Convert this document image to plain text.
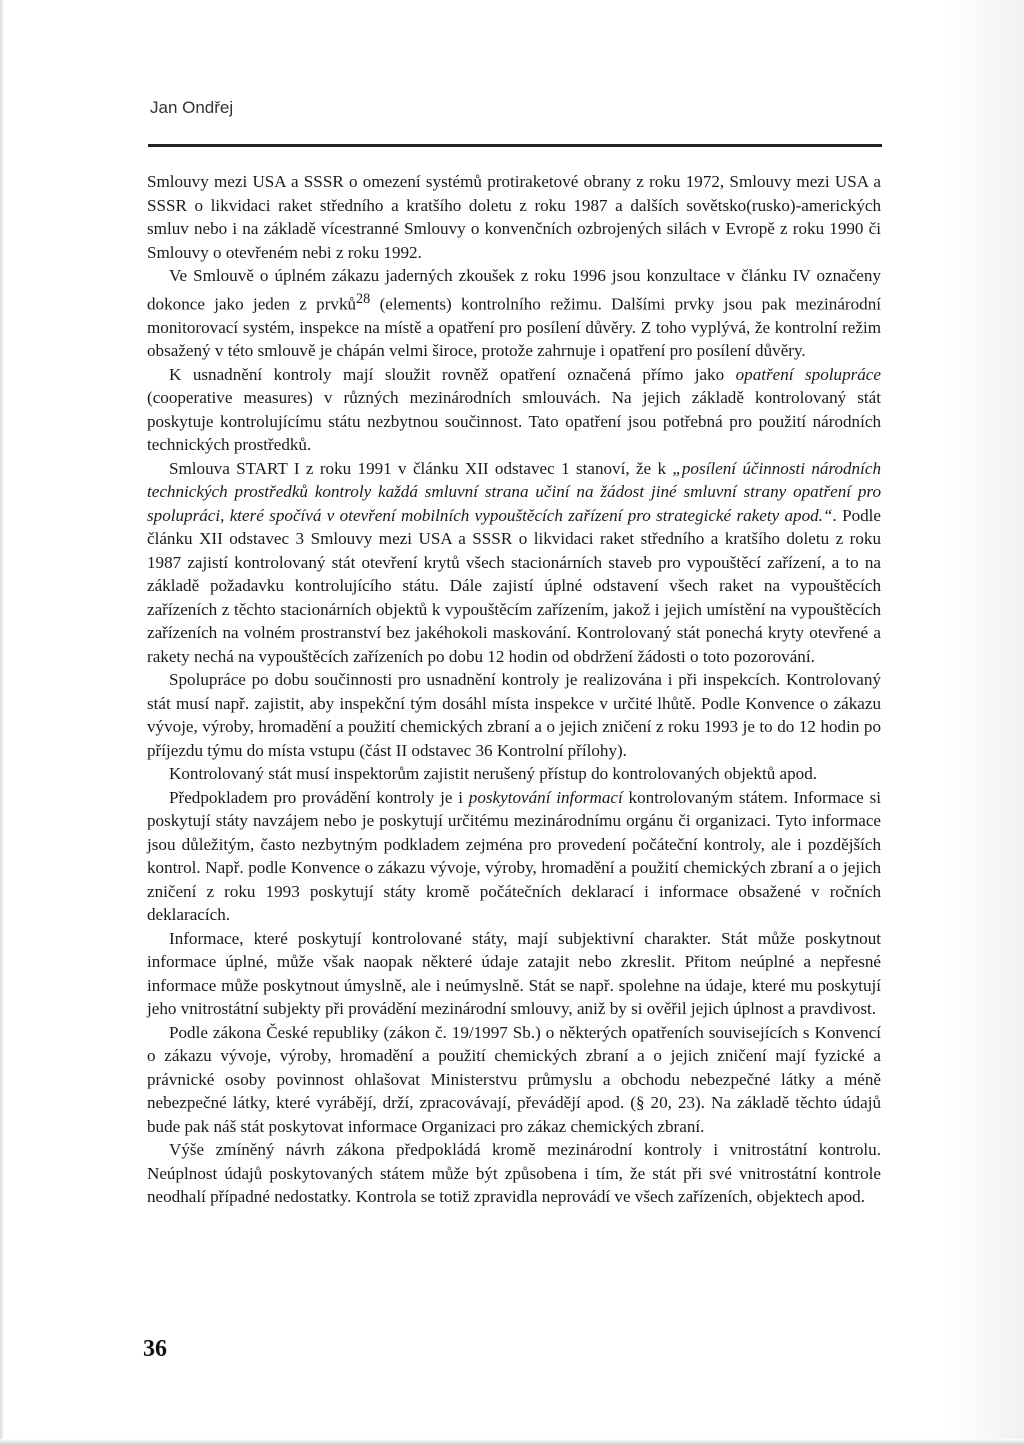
Jan Ondřej

Smlouvy mezi USA a SSSR o omezení systémů protiraketové obrany z roku 1972, Smlouvy mezi USA a SSSR o likvidaci raket středního a kratšího doletu z roku 1987 a dalších sovětsko(rusko)-amerických smluv nebo i na základě vícestranné Smlouvy o konvenčních ozbrojených silách v Evropě z roku 1990 či Smlouvy o otevřeném nebi z roku 1992.

Ve Smlouvě o úplném zákazu jaderných zkoušek z roku 1996 jsou konzultace v článku IV označeny dokonce jako jeden z prvků$^{28}$ (elements) kontrolního režimu. Dalšími prvky jsou pak mezinárodní monitorovací systém, inspekce na místě a opatření pro posílení důvěry. Z toho vyplývá, že kontrolní režim obsažený v této smlouvě je chápán velmi široce, protože zahrnuje i opatření pro posílení důvěry.

K usnadnění kontroly mají sloužit rovněž opatření označená přímo jako opatření spolupráce (cooperative measures) v různých mezinárodních smlouvách. Na jejich základě kontrolovaný stát poskytuje kontrolujícímu státu nezbytnou součinnost. Tato opatření jsou potřebná pro použití národních technických prostředků.

Smlouva START I z roku 1991 v článku XII odstavec 1 stanoví, že k „posílení účinnosti národních technických prostředků kontroly každá smluvní strana učiní na žádost jiné smluvní strany opatření pro spolupráci, které spočívá v otevření mobilních vypouštěcích zařízení pro strategické rakety apod.“. Podle článku XII odstavec 3 Smlouvy mezi USA a SSSR o likvidaci raket středního a kratšího doletu z roku 1987 zajistí kontrolovaný stát otevření krytů všech stacionárních staveb pro vypouštěcí zařízení, a to na základě požadavku kontrolujícího státu. Dále zajistí úplné odstavení všech raket na vypouštěcích zařízeních z těchto stacionárních objektů k vypouštěcím zařízením, jakož i jejich umístění na vypouštěcích zařízeních na volném prostranství bez jakéhokoli maskování. Kontrolovaný stát ponechá kryty otevřené a rakety nechá na vypouštěcích zařízeních po dobu 12 hodin od obdržení žádosti o toto pozorování.

Spolupráce po dobu součinnosti pro usnadnění kontroly je realizována i při inspekcích. Kontrolovaný stát musí např. zajistit, aby inspekční tým dosáhl místa inspekce v určité lhůtě. Podle Konvence o zákazu vývoje, výroby, hromadění a použití chemických zbraní a o jejich zničení z roku 1993 je to do 12 hodin po příjezdu týmu do místa vstupu (část II odstavec 36 Kontrolní přílohy).

Kontrolovaný stát musí inspektorům zajistit nerušený přístup do kontrolovaných objektů apod.

Předpokladem pro provádění kontroly je i poskytování informací kontrolovaným státem. Informace si poskytují státy navzájem nebo je poskytují určitému mezinárodnímu orgánu či organizaci. Tyto informace jsou důležitým, často nezbytným podkladem zejména pro provedení počáteční kontroly, ale i pozdějších kontrol. Např. podle Konvence o zákazu vývoje, výroby, hromadění a použití chemických zbraní a o jejich zničení z roku 1993 poskytují státy kromě počátečních deklarací i informace obsažené v ročních deklaracích.

Informace, které poskytují kontrolované státy, mají subjektivní charakter. Stát může poskytnout informace úplné, může však naopak některé údaje zatajit nebo zkreslit. Přitom neúplné a nepřesné informace může poskytnout úmyslně, ale i neúmyslně. Stát se např. spolehne na údaje, které mu poskytují jeho vnitrostátní subjekty při provádění mezinárodní smlouvy, aniž by si ověřil jejich úplnost a pravdivost.

Podle zákona České republiky (zákon č. 19/1997 Sb.) o některých opatřeních souvisejících s Konvencí o zákazu vývoje, výroby, hromadění a použití chemických zbraní a o jejich zničení mají fyzické a právnické osoby povinnost ohlašovat Ministerstvu průmyslu a obchodu nebezpečné látky a méně nebezpečné látky, které vyrábějí, drží, zpracovávají, převádějí apod. (§ 20, 23). Na základě těchto údajů bude pak náš stát poskytovat informace Organizaci pro zákaz chemických zbraní.

Výše zmíněný návrh zákona předpokládá kromě mezinárodní kontroly i vnitrostátní kontrolu. Neúplnost údajů poskytovaných státem může být způsobena i tím, že stát při své vnitrostátní kontrole neodhalí případné nedostatky. Kontrola se totiž zpravidla neprovádí ve všech zařízeních, objektech apod.

36
